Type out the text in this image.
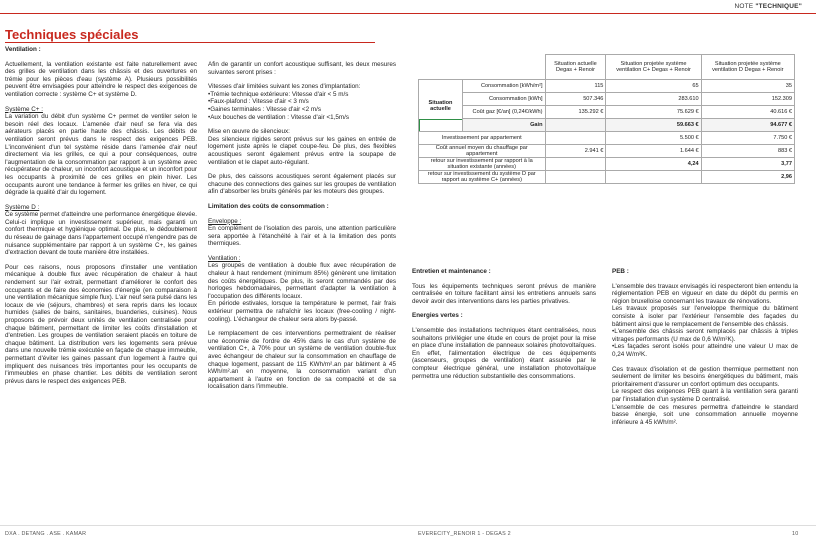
NOTE "TECHNIQUE"
Techniques spéciales

Ventilation :

Actuellement, la ventilation existante est faite naturellement avec des grilles de ventilation dans les châssis et des ouvertures en trémie pour les pièces d'eau (système A). Plusieurs possibilités peuvent être envisagées pour atteindre le respect des exigences de ventilation correcte : système C+ et système D.

Système C+ :

La variation du débit d'un système C+ permet de ventiler selon le besoin réel des locaux. L'amenée d'air neuf se fera via des aérateurs placés en partie haute des châssis. Les débits de ventilation seront prévus dans le respect des exigences PEB. L'inconvénient d'un tel système réside dans l'amenée d'air neuf directement via les grilles, ce qui a pour conséquences, outre l'augmentation de la consommation par rapport à un système avec récupérateur de chaleur, un inconfort acoustique et un inconfort pour les occupants à proximité de ces grilles en plein hiver. Les occupants auront une tendance à fermer les grilles en hiver, ce qui dégrade la qualité d'air du logement.

Système D :

Ce système permet d'atteindre une performance énergétique élevée. Celui-ci implique un investissement supérieur, mais garanti un confort thermique et hygiénique optimal. De plus, le dédoublement du réseau de gainage dans l'appartement occupé n'engendre pas de nuisance supplémentaire par rapport à un système C+, les gaines d'extraction devant de toute manière être installées.

Pour ces raisons, nous proposons d'installer une ventilation mécanique à double flux avec récupération de chaleur à haut rendement sur l'air extrait, permettant d'améliorer le confort des occupants et de faire des économies d'énergie (en comparaison à une ventilation mécanique simple flux). L'air neuf sera pulsé dans les locaux de vie (séjours, chambres) et sera repris dans les locaux humides (salles de bains, sanitaires, buanderies, cuisines). Nous proposons de prévoir deux unités de ventilation centralisée pour chaque bâtiment, permettant de limiter les coûts d'installation et d'entretien. Les groupes de ventilation seraient placés en toiture de chaque bâtiment. La distribution vers les logements sera prévue dans une nouvelle trémie exécutée en façade de chaque immeuble, permettant d'éviter les gaines passant d'un logement à l'autre qui impliquent des nuisances très importantes pour les occupants de l'immeubles en phase chantier. Les débits de ventilation seront prévus dans le respect des exigences PEB.

Afin de garantir un confort acoustique suffisant, les deux mesures suivantes seront prises :

Vitesses d'air limitées suivant les zones d'implantation:

•Trémie technique extérieure: Vitesse d'air < 5 m/s

•Faux-plafond : Vitesse d'air < 3 m/s

•Gaines terminales : Vitesse d'air <2 m/s

•Aux bouches de ventilation : Vitesse d'air <1,5m/s

Mise en œuvre de silencieux:

Des silencieux rigides seront prévus sur les gaines en entrée de logement juste après le clapet coupe-feu. De plus, des flexibles acoustiques seront également prévus entre la soupape de ventilation et le clapet auto-régulant.

De plus, des caissons acoustiques seront également placés sur chacune des connections des gaines sur les groupes de ventilation afin d'absorber les bruits générés par les moteurs des groupes.

Limitation des coûts de consommation :

Enveloppe :

En complément de l'isolation des parois, une attention particulière sera apportée à l'étanchéité à l'air et à la limitation des ponts thermiques.

Ventilation :

Les groupes de ventilation à double flux avec récupération de chaleur à haut rendement (minimum 85%) génèrent une limitation des coûts énergétiques. De plus, ils seront commandés par des horloges hebdomadaires, permettant d'adapter la ventilation à l'occupation des différents locaux.

En période estivales, lorsque la température le permet, l'air frais extérieur permettra de rafraîchir les locaux (free-cooling / night-cooling). L'échangeur de chaleur sera alors by-passé.

Le remplacement de ces interventions permettraient de réaliser une économie de l'ordre de 45% dans le cas d'un système de ventilation C+, à 70% pour un système de ventilation double-flux avec échangeur de chaleur sur la consommation en chauffage de chaque logement, passant de 115 KWh/m².an par bâtiment à 45 kWh/m².an en moyenne, la consommation variant d'un appartement à l'autre en fonction de sa compacité et de sa localisation dans l'immeuble.

Entretien et maintenance :

Tous les équipements techniques seront prévus de manière centralisée en toiture facilitant ainsi les entretiens annuels sans devoir avoir des interventions dans les parties privatives.

Energies vertes :

L'ensemble des installations techniques étant centralisées, nous souhaitons privilégier une étude en cours de projet pour la mise en place d'une installation de panneaux solaires photovoltaïques. En effet, l'alimentation électrique de ces équipements (ascenseurs, groupes de ventilation) étant assurée par le compteur électrique général, une installation photovoltaïque permettra une réduction substantielle des consommations.

PEB :

L'ensemble des travaux envisagés ici respecteront bien entendu la réglementation PEB en vigueur en date du dépôt du permis en région bruxelloise concernant les travaux de rénovations.

Les travaux proposés sur l'enveloppe thermique du bâtiment consiste à isoler par l'extérieur l'ensemble des façades du bâtiment ainsi que le remplacement de l'ensemble des châssis.

•L'ensemble des châssis seront remplacés par châssis à triples vitrages performants (U max de 0,6 W/m²K).

•Les façades seront isolés pour atteindre une valeur U max de 0,24 W/m²K.

Ces travaux d'isolation et de gestion thermique permettent non seulement de limiter les besoins énergétiques du bâtiment, mais prioritairement d'assurer un confort optimum des occupants.

Le respect des exigences PEB quant à la ventilation sera garanti par l'installation d'un système D centralisé.

L'ensemble de ces mesures permettra d'atteindre le standard basse énergie, soit une consommation annuelle moyenne inférieure à 45 kWh/m².

		Situation actuelle Degas + Renoir	Situation projetée système ventilation C+ Degas + Renoir	Situation projetée système ventilation D Degas + Renoir
Situation actuelle	Consommation [kWh/m²]	115	65	35
	Consommation [kWh]	507.346	283.610	152.309
	Coût gaz [€/an] (0,24€/kWh)	135.292 €	75.629 €	40.616 €
	Gain		59.663 €	94.677 €
Investissement par appartement			5.500 €	7.750 €
Coût annuel moyen du chauffage par appartement		2.941 €	1.644 €	883 €
retour sur investissement par rapport à la situation existante (années)			4,24	3,77
retour sur investissement du système D par rapport au système C+ (années)				2,96
DXA . DETANG . ASE . KAMAR	EVERECITY_RENOIR 1 - DEGAS 2	10
